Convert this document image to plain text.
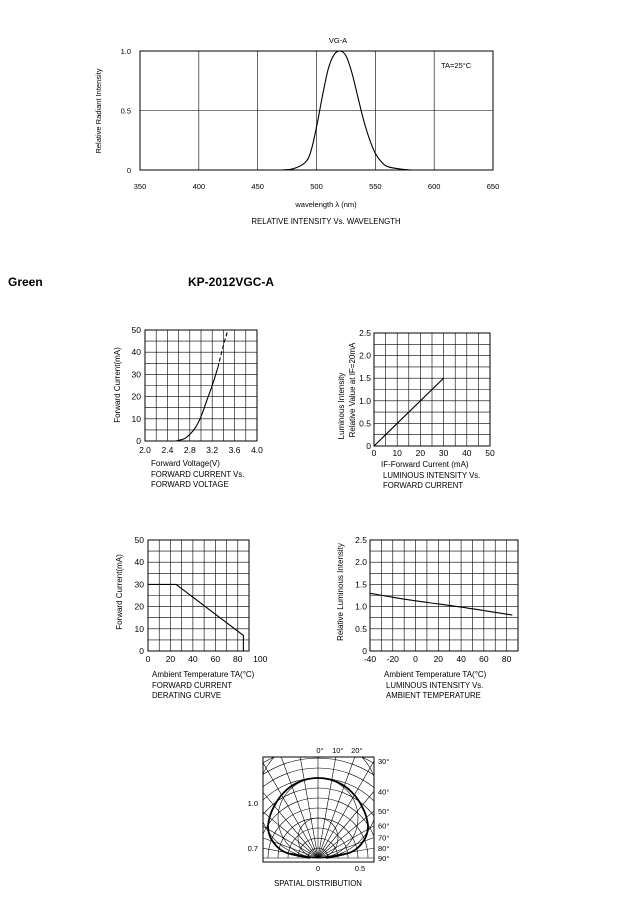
Green	KP-2012VGC-A
350	400	450	500	550	600	650
0
0.5
1.0
Relative Radiant Intensity
wavelength λ (nm)
RELATIVE INTENSITY Vs. WAVELENGTH
VG-A
TA=25°C
2.0 2.4 2.8 3.2 3.6 4.0
0
10
20
30
40
50
Forward Current(mA)
Forward Voltage(V)
FORWARD CURRENT Vs.
FORWARD VOLTAGE
0 10 20 30 40 50
0
0.5
1.0
1.5
2.0
2.5
Luminous Intensity Relative Value at IF=20mA
IF-Forward Current (mA)
LUMINOUS INTENSITY Vs.
FORWARD CURRENT
0 20 40 60 80 100
0
10
20
30
40
50
Forward Current(mA)
Ambient Temperature TA(°C)
FORWARD CURRENT
DERATING CURVE
-40 -20 0 20 40 60 80
0
0.5
1.0
1.5
2.0
2.5
Relative Luminous Intensity
Ambient Temperature TA(°C)
LUMINOUS INTENSITY Vs.
AMBIENT TEMPERATURE
0° 10° 20°
30°
40°
50°
60°
70°
80°
90°
0	0.5
1.0
0.7
SPATIAL DISTRIBUTION
